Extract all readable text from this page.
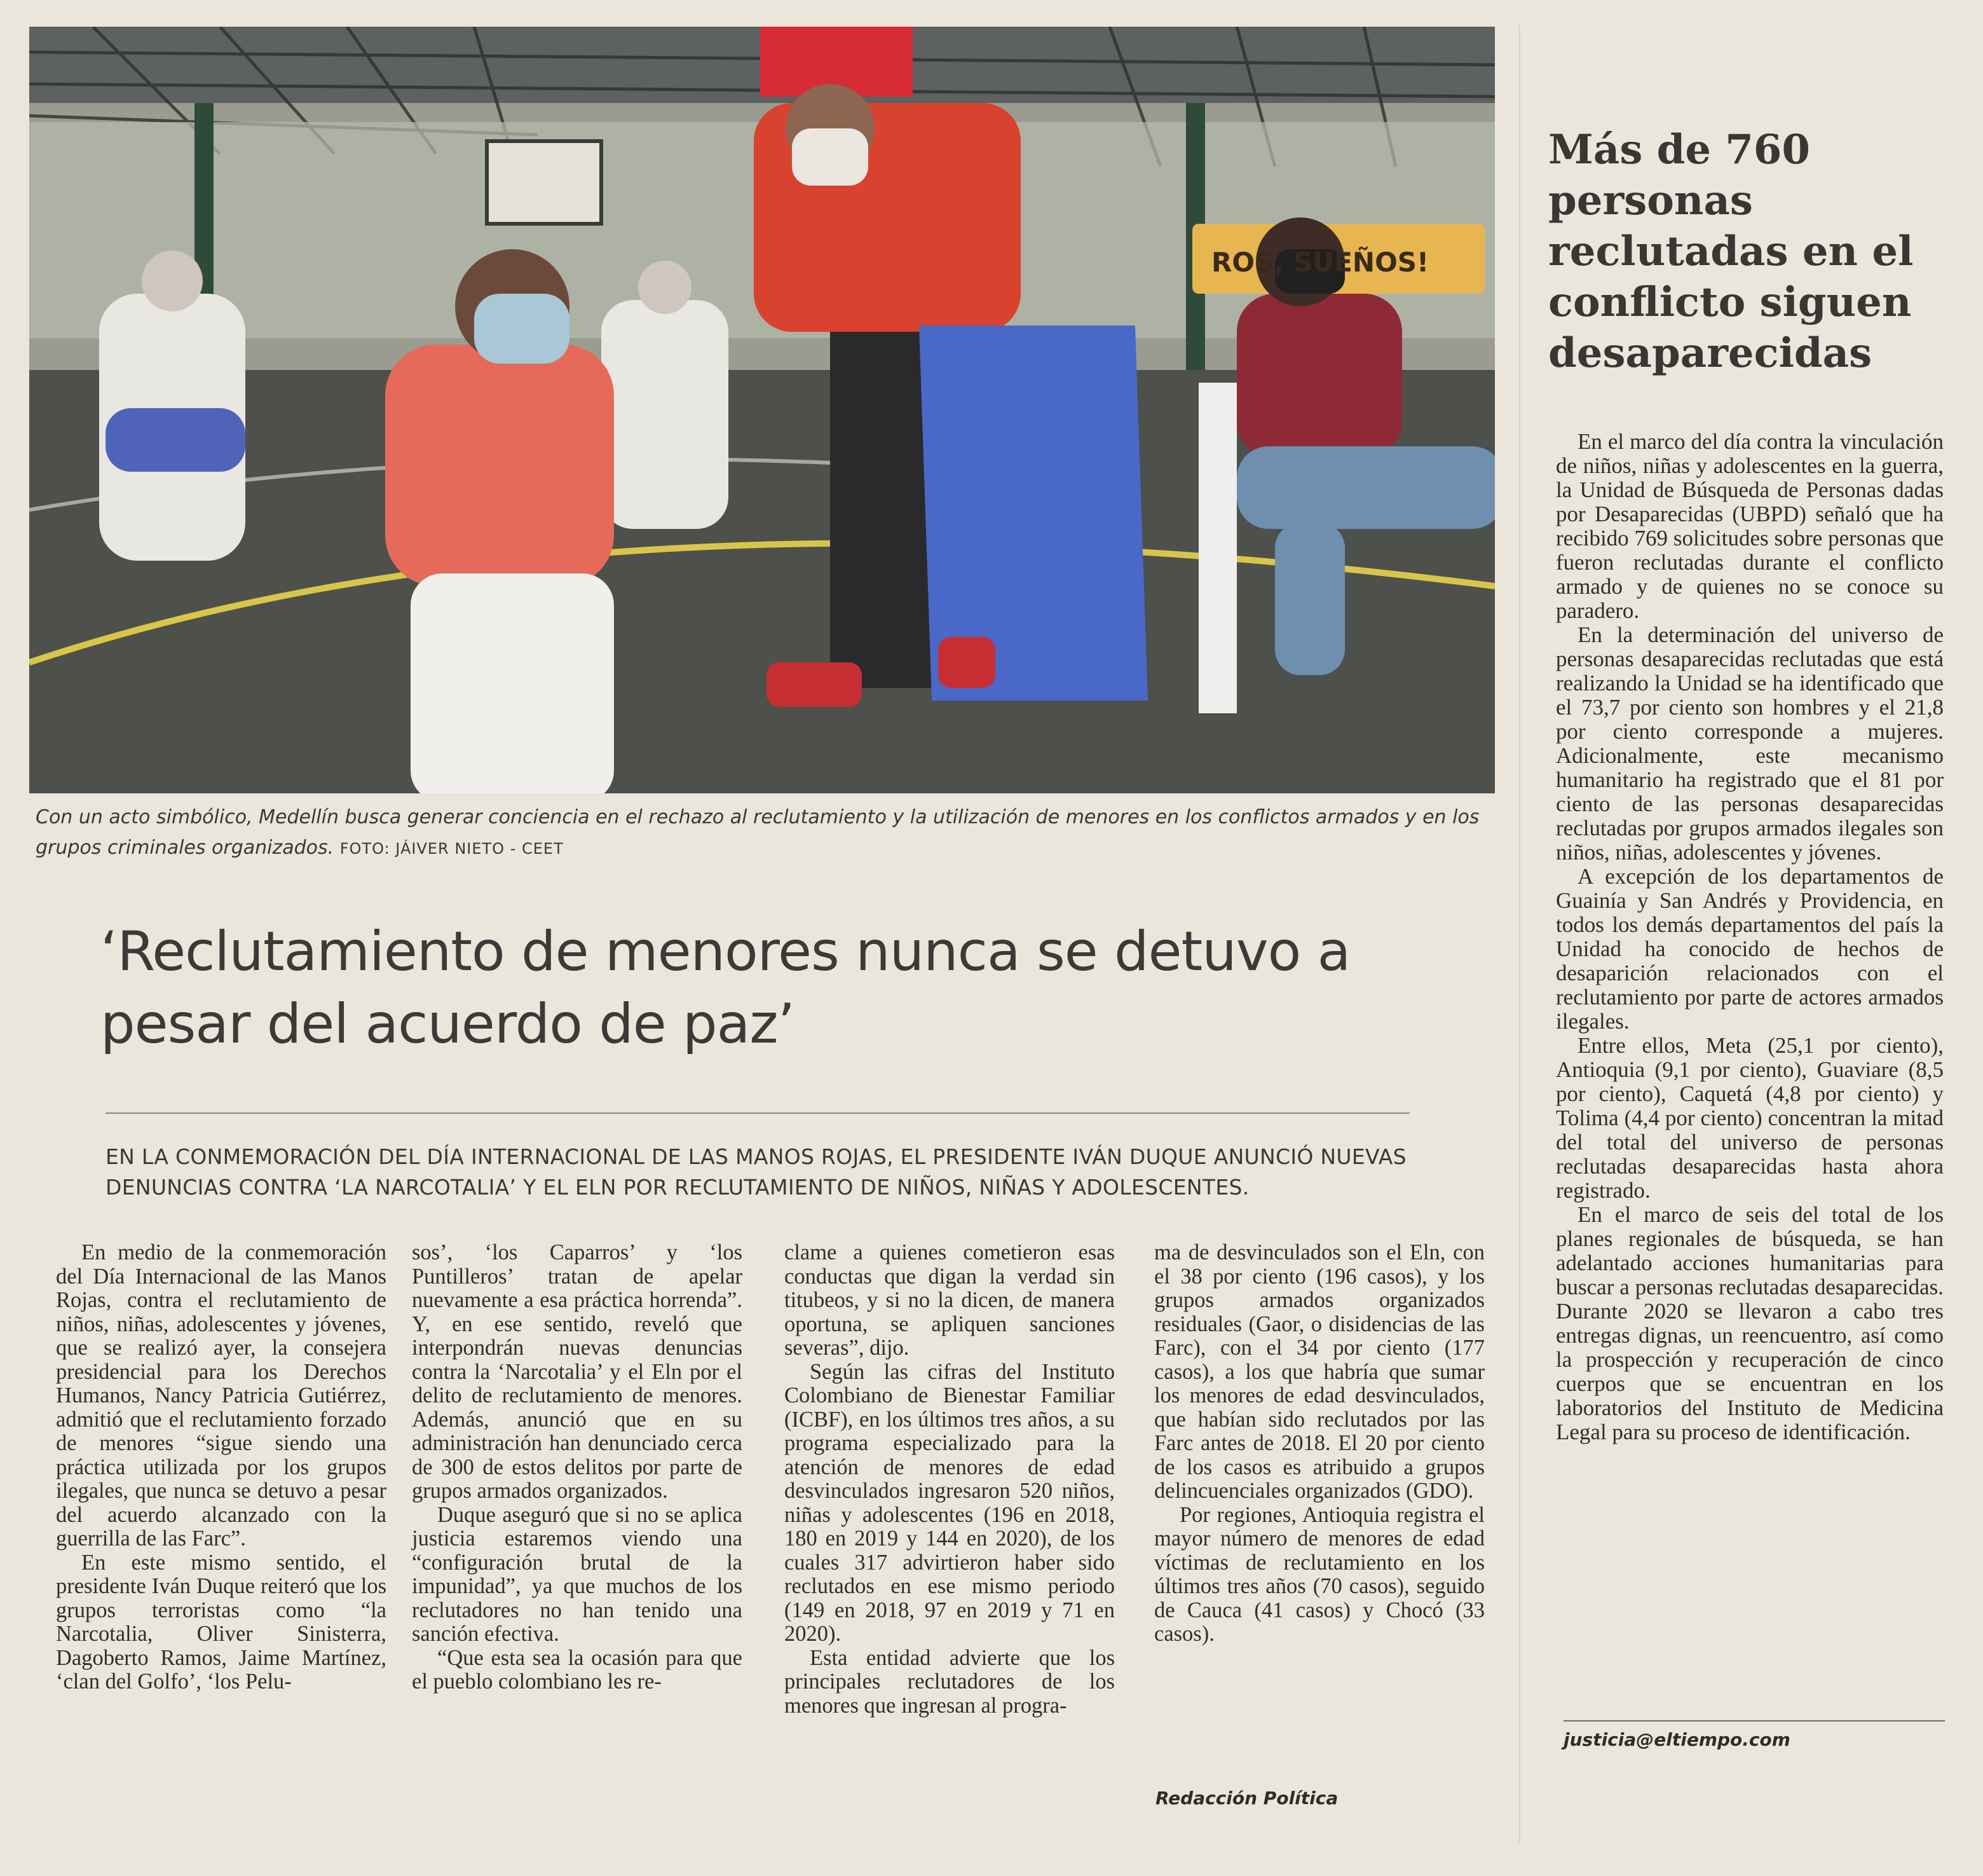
ROS, SUEÑOS!
Con un acto simbólico, Medellín busca generar conciencia en el rechazo al reclutamiento y la utilización de menores en los conflictos armados y en los grupos criminales organizados. FOTO: JÁIVER NIETO - CEET
‘Reclutamiento de menores nunca se detuvo a pesar del acuerdo de paz’
EN LA CONMEMORACIÓN DEL DÍA INTERNACIONAL DE LAS MANOS ROJAS, EL PRESIDENTE IVÁN DUQUE ANUNCIÓ NUEVAS DENUNCIAS CONTRA ‘LA NARCOTALIA’ Y EL ELN POR RECLUTAMIENTO DE NIÑOS, NIÑAS Y ADOLESCENTES.

En medio de la conmemoración del Día Internacional de las Manos Rojas, contra el reclutamiento de niños, niñas, adolescentes y jóvenes, que se realizó ayer, la consejera presidencial para los Derechos Humanos, Nancy Patricia Gutiérrez, admitió que el reclutamiento forzado de menores “sigue siendo una práctica utilizada por los grupos ilegales, que nunca se detuvo a pesar del acuerdo alcanzado con la guerrilla de las Farc”.

En este mismo sentido, el presidente Iván Duque reiteró que los grupos terroristas como “la Narcotalia, Oliver Sinisterra, Dagoberto Ramos, Jaime Martínez, ‘clan del Golfo’, ‘los Pelu-

sos’, ‘los Caparros’ y ‘los Puntilleros’ tratan de apelar nuevamente a esa práctica horrenda”. Y, en ese sentido, reveló que interpondrán nuevas denuncias contra la ‘Narcotalia’ y el Eln por el delito de reclutamiento de menores. Además, anunció que en su administración han denunciado cerca de 300 de estos delitos por parte de grupos armados organizados.

Duque aseguró que si no se aplica justicia estaremos viendo una “configuración brutal de la impunidad”, ya que muchos de los reclutadores no han tenido una sanción efectiva.

“Que esta sea la ocasión para que el pueblo colombiano les re-

clame a quienes cometieron esas conductas que digan la verdad sin titubeos, y si no la dicen, de manera oportuna, se apliquen sanciones severas”, dijo.

Según las cifras del Instituto Colombiano de Bienestar Familiar (ICBF), en los últimos tres años, a su programa especializado para la atención de menores de edad desvinculados ingresaron 520 niños, niñas y adolescentes (196 en 2018, 180 en 2019 y 144 en 2020), de los cuales 317 advirtieron haber sido reclutados en ese mismo periodo (149 en 2018, 97 en 2019 y 71 en 2020).

Esta entidad advierte que los principales reclutadores de los menores que ingresan al progra-

ma de desvinculados son el Eln, con el 38 por ciento (196 casos), y los grupos armados organizados residuales (Gaor, o disidencias de las Farc), con el 34 por ciento (177 casos), a los que habría que sumar los menores de edad desvinculados, que habían sido reclutados por las Farc antes de 2018. El 20 por ciento de los casos es atribuido a grupos delincuenciales organizados (GDO).

Por regiones, Antioquia registra el mayor número de menores de edad víctimas de reclutamiento en los últimos tres años (70 casos), seguido de Cauca (41 casos) y Chocó (33 casos).

Redacción Política
Más de 760 personas reclutadas en el conflicto siguen desaparecidas

En el marco del día contra la vinculación de niños, niñas y adolescentes en la guerra, la Unidad de Búsqueda de Personas dadas por Desaparecidas (UBPD) señaló que ha recibido 769 solicitudes sobre personas que fueron reclutadas durante el conflicto armado y de quienes no se conoce su paradero.

En la determinación del universo de personas desaparecidas reclutadas que está realizando la Unidad se ha identificado que el 73,7 por ciento son hombres y el 21,8 por ciento corresponde a mujeres. Adicionalmente, este mecanismo humanitario ha registrado que el 81 por ciento de las personas desaparecidas reclutadas por grupos armados ilegales son niños, niñas, adolescentes y jóvenes.

A excepción de los departamentos de Guainía y San Andrés y Providencia, en todos los demás departamentos del país la Unidad ha conocido de hechos de desaparición relacionados con el reclutamiento por parte de actores armados ilegales.

Entre ellos, Meta (25,1 por ciento), Antioquia (9,1 por ciento), Guaviare (8,5 por ciento), Caquetá (4,8 por ciento) y Tolima (4,4 por ciento) concentran la mitad del total del universo de personas reclutadas desaparecidas hasta ahora registrado.

En el marco de seis del total de los planes regionales de búsqueda, se han adelantado acciones humanitarias para buscar a personas reclutadas desaparecidas. Durante 2020 se llevaron a cabo tres entregas dignas, un reencuentro, así como la prospección y recuperación de cinco cuerpos que se encuentran en los laboratorios del Instituto de Medicina Legal para su proceso de identificación.

justicia@eltiempo.com
